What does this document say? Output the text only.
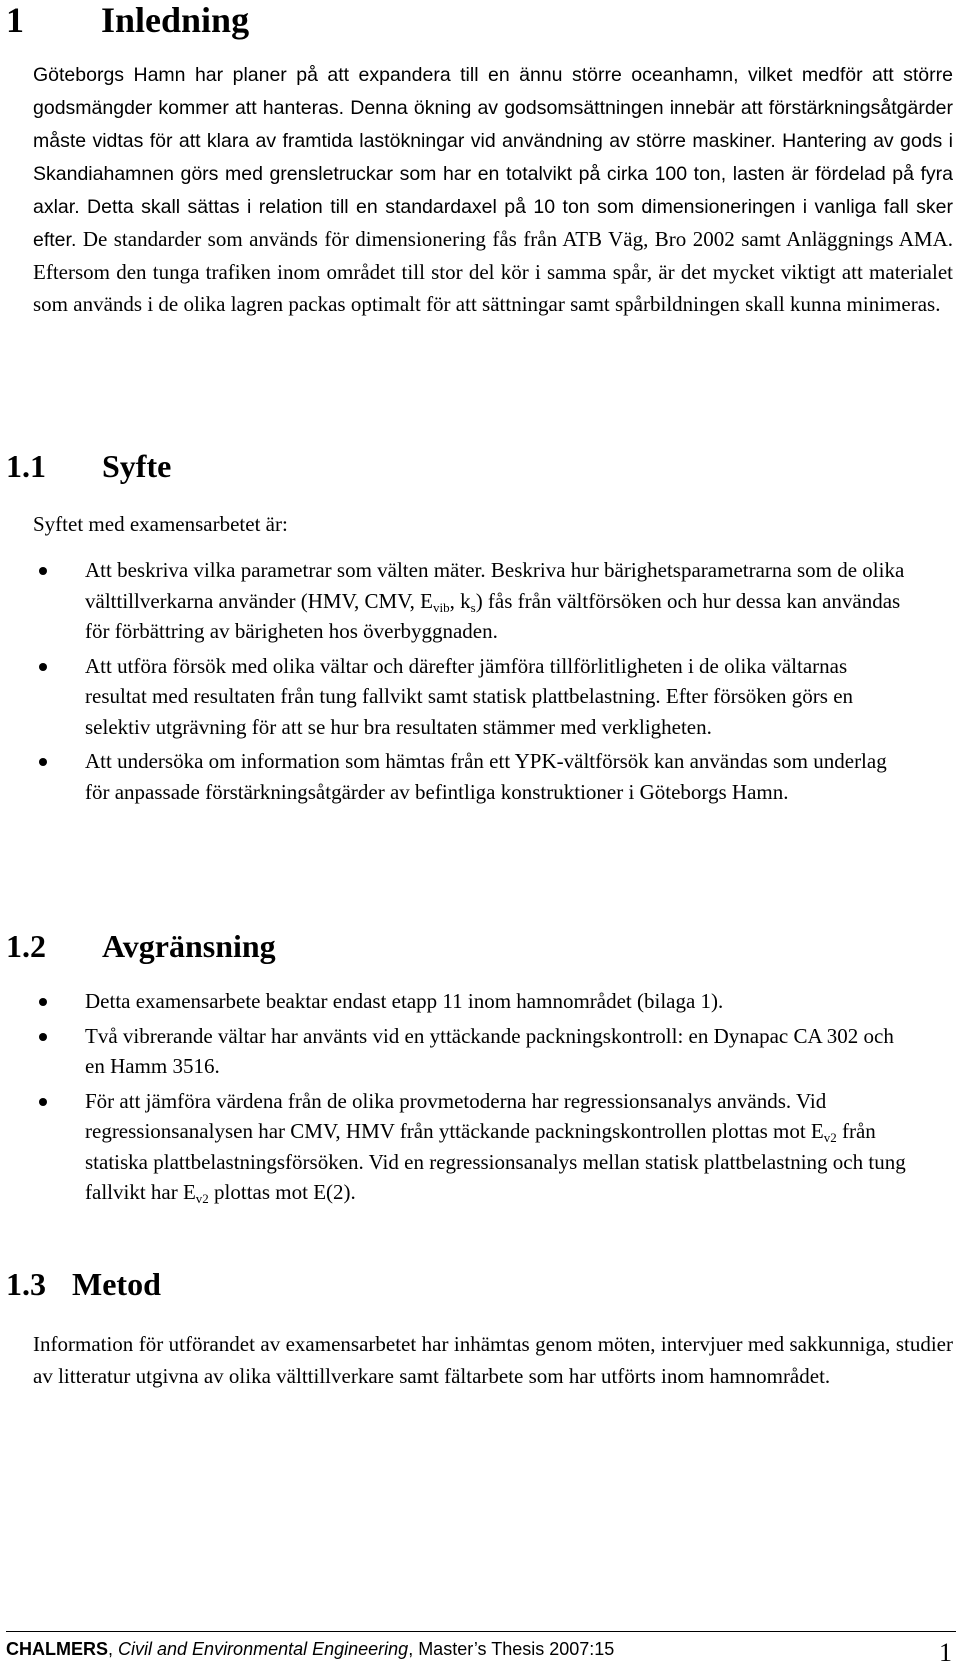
1 Inledning

Göteborgs Hamn har planer på att expandera till en ännu större oceanhamn, vilket medför att större godsmängder kommer att hanteras. Denna ökning av godsomsättningen innebär att förstärkningsåtgärder måste vidtas för att klara av framtida lastökningar vid användning av större maskiner. Hantering av gods i Skandiahamnen görs med grensletruckar som har en totalvikt på cirka 100 ton, lasten är fördelad på fyra axlar. Detta skall sättas i relation till en standardaxel på 10 ton som dimensioneringen i vanliga fall sker efter. De standarder som används för dimensionering fås från ATB Väg, Bro 2002 samt Anläggnings AMA. Eftersom den tunga trafiken inom området till stor del kör i samma spår, är det mycket viktigt att materialet som används i de olika lagren packas optimalt för att sättningar samt spårbildningen skall kunna minimeras.

1.1 Syfte

Syftet med examensarbetet är:

Att beskriva vilka parametrar som välten mäter. Beskriva hur bärighetsparametrarna som de olika välttillverkarna använder (HMV, CMV, $E_{vib}$, $k_s$) fås från vältförsöken och hur dessa kan användas för förbättring av bärigheten hos överbyggnaden.
Att utföra försök med olika vältar och därefter jämföra tillförlitligheten i de olika vältarnas resultat med resultaten från tung fallvikt samt statisk plattbelastning. Efter försöken görs en selektiv utgrävning för att se hur bra resultaten stämmer med verkligheten.
Att undersöka om information som hämtas från ett YPK-vältförsök kan användas som underlag för anpassade förstärkningsåtgärder av befintliga konstruktioner i Göteborgs Hamn.
1.2 Avgränsning
Detta examensarbete beaktar endast etapp 11 inom hamnområdet (bilaga 1).
Två vibrerande vältar har använts vid en yttäckande packningskontroll: en Dynapac CA 302 och en Hamm 3516.
För att jämföra värdena från de olika provmetoderna har regressionsanalys används. Vid regressionsanalysen har CMV, HMV från yttäckande packningskontrollen plottas mot $E_{v2}$ från statiska plattbelastningsförsöken. Vid en regressionsanalys mellan statisk plattbelastning och tung fallvikt har $E_{v2}$ plottas mot E(2).
1.3 Metod

Information för utförandet av examensarbetet har inhämtas genom möten, intervjuer med sakkunniga, studier av litteratur utgivna av olika välttillverkare samt fältarbete som har utförts inom hamnområdet.

CHALMERS, Civil and Environmental Engineering, Master’s Thesis 2007:15	1
